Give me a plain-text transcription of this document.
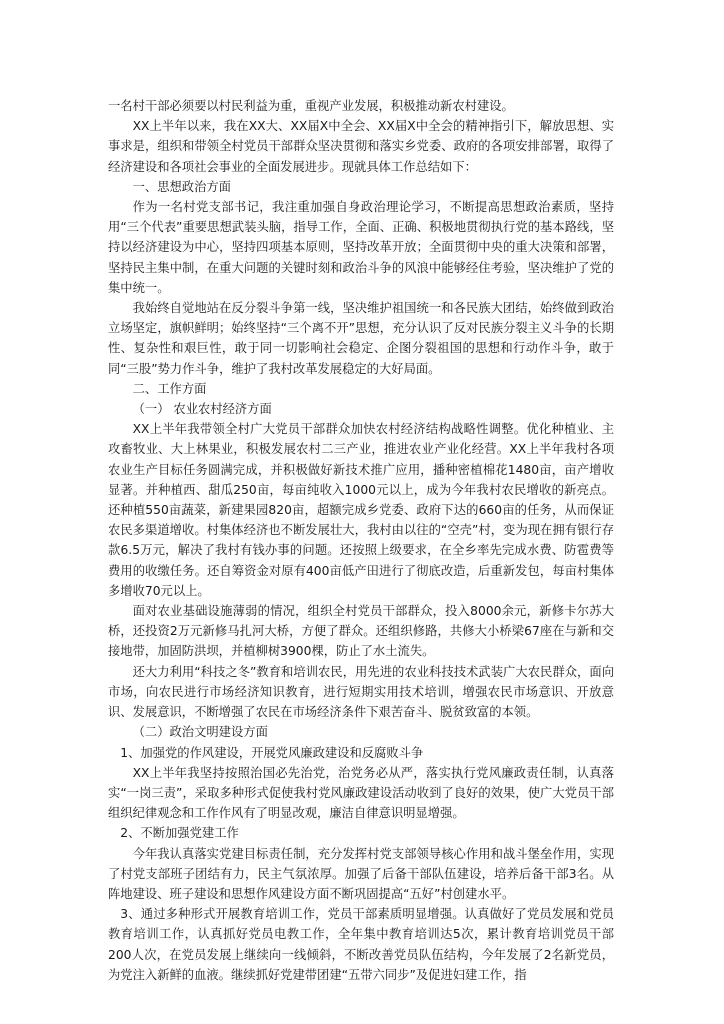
一名村干部必须要以村民利益为重，重视产业发展，积极推动新农村建设。

XX上半年以来，我在XX大、XX届X中全会、XX届X中全会的精神指引下，解放思想、实事求是，组织和带领全村党员干部群众坚决贯彻和落实乡党委、政府的各项安排部署，取得了经济建设和各项社会事业的全面发展进步。现就具体工作总结如下：

一、思想政治方面

作为一名村党支部书记，我注重加强自身政治理论学习，不断提高思想政治素质，坚持用“三个代表”重要思想武装头脑，指导工作，全面、正确、积极地贯彻执行党的基本路线，坚持以经济建设为中心，坚持四项基本原则，坚持改革开放；全面贯彻中央的重大决策和部署，坚持民主集中制，在重大问题的关键时刻和政治斗争的风浪中能够经住考验，坚决维护了党的集中统一。

我始终自觉地站在反分裂斗争第一线，坚决维护祖国统一和各民族大团结，始终做到政治立场坚定，旗帜鲜明；始终坚持“三个离不开”思想，充分认识了反对民族分裂主义斗争的长期性、复杂性和艰巨性，敢于同一切影响社会稳定、企图分裂祖国的思想和行动作斗争，敢于同“三股”势力作斗争，维护了我村改革发展稳定的大好局面。

二、工作方面

（一） 农业农村经济方面

XX上半年我带领全村广大党员干部群众加快农村经济结构战略性调整。优化种植业、主攻畜牧业、大上林果业，积极发展农村二三产业，推进农业产业化经营。XX上半年我村各项农业生产目标任务圆满完成，并积极做好新技术推广应用，播种密植棉花1480亩，亩产增收显著。并种植西、甜瓜250亩，每亩纯收入1000元以上，成为今年我村农民增收的新亮点。还种植550亩蔬菜，新建果园820亩，超额完成乡党委、政府下达的660亩的任务，从而保证农民多渠道增收。村集体经济也不断发展壮大，我村由以往的“空壳”村，变为现在拥有银行存款6.5万元，解决了我村有钱办事的问题。还按照上级要求，在全乡率先完成水费、防雹费等费用的收缴任务。还自筹资金对原有400亩低产田进行了彻底改造，后重新发包，每亩村集体多增收70元以上。

面对农业基础设施薄弱的情况，组织全村党员干部群众，投入8000余元，新修卡尔苏大桥，还投资2万元新修马扎河大桥，方便了群众。还组织修路，共修大小桥梁67座在与新和交接地带，加固防洪坝，并植柳树3900棵，防止了水土流失。

还大力利用“科技之冬”教育和培训农民，用先进的农业科技技术武装广大农民群众，面向市场，向农民进行市场经济知识教育，进行短期实用技术培训，增强农民市场意识、开放意识、发展意识，不断增强了农民在市场经济条件下艰苦奋斗、脱贫致富的本领。

（二）政治文明建设方面

1、加强党的作风建设，开展党风廉政建设和反腐败斗争

XX上半年我坚持按照治国必先治党，治党务必从严，落实执行党风廉政责任制，认真落实“一岗三责”，采取多种形式促使我村党风廉政建设活动收到了良好的效果，使广大党员干部组织纪律观念和工作作风有了明显改观，廉洁自律意识明显增强。

2、不断加强党建工作

今年我认真落实党建目标责任制，充分发挥村党支部领导核心作用和战斗堡垒作用，实现了村党支部班子团结有力，民主气氛浓厚。加强了后备干部队伍建设，培养后备干部3名。从阵地建设、班子建设和思想作风建设方面不断巩固提高“五好”村创建水平。

3、通过多种形式开展教育培训工作，党员干部素质明显增强。认真做好了党员发展和党员教育培训工作，认真抓好党员电教工作，全年集中教育培训达5次，累计教育培训党员干部200人次，在党员发展上继续向一线倾斜，不断改善党员队伍结构，今年发展了2名新党员，为党注入新鲜的血液。继续抓好党建带团建“五带六同步”及促进妇建工作，指
